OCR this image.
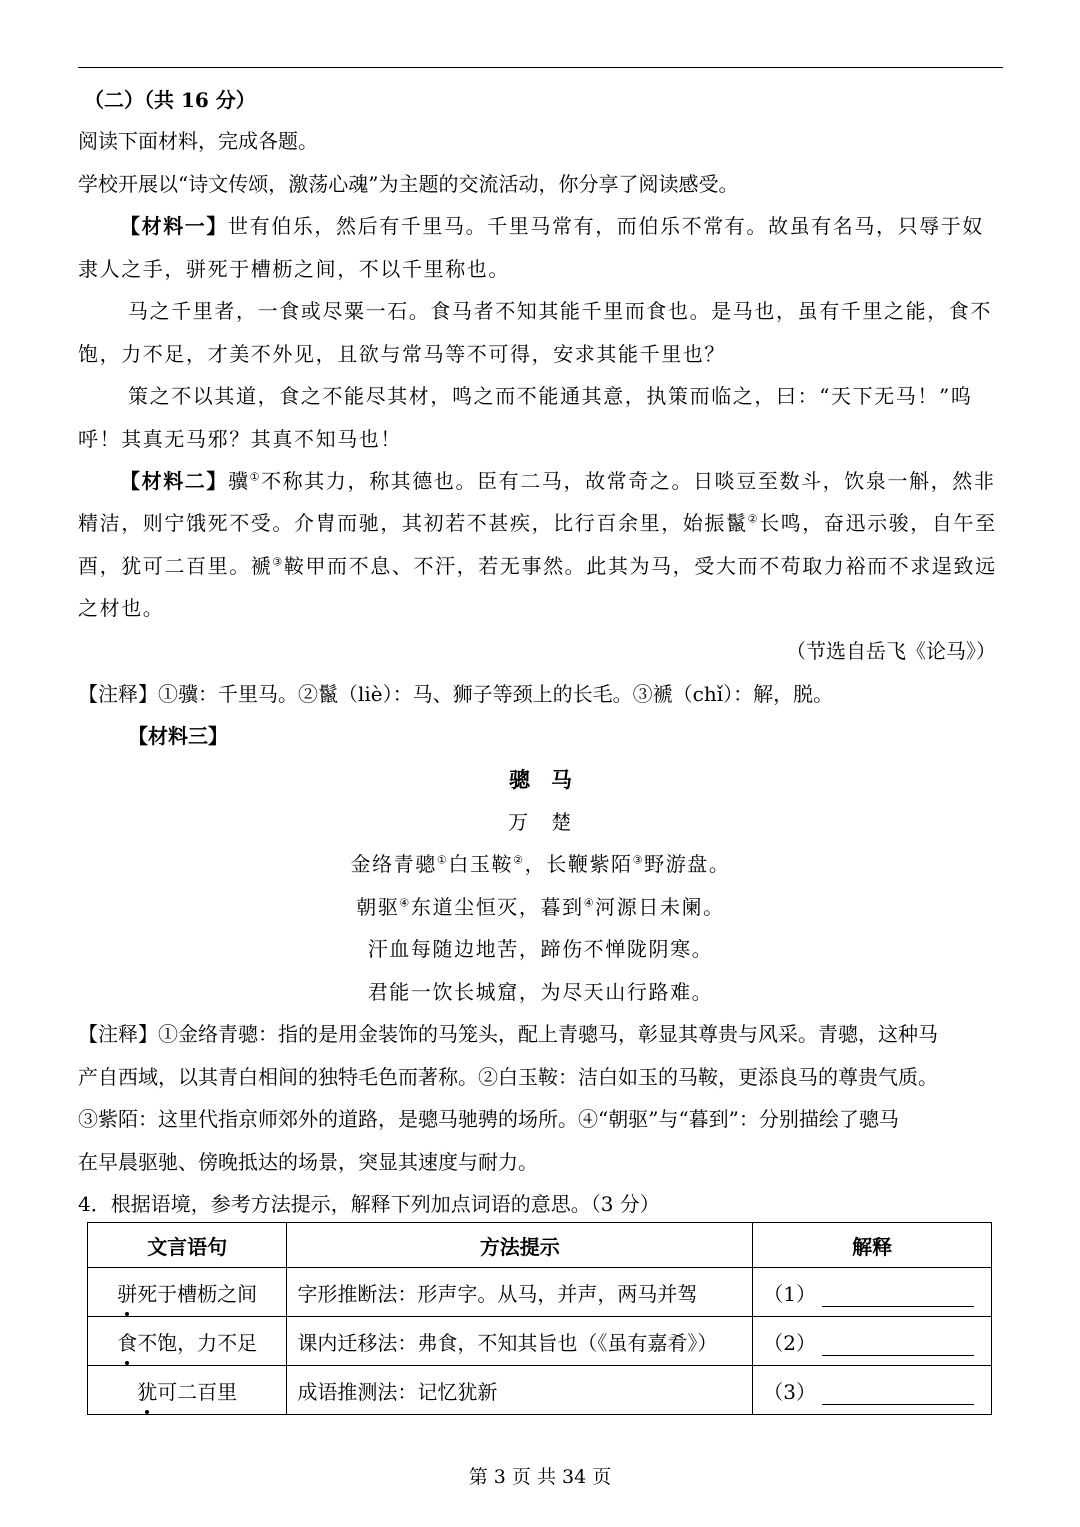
（二）（共 16 分）
阅读下面材料，完成各题。
学校开展以“诗文传颂，激荡心魂”为主题的交流活动，你分享了阅读感受。
【材料一】世有伯乐，然后有千里马。千里马常有，而伯乐不常有。故虽有名马，只辱于奴
隶人之手，骈死于槽枥之间，不以千里称也。
马之千里者，一食或尽粟一石。食马者不知其能千里而食也。是马也，虽有千里之能，食不
饱，力不足，才美不外见，且欲与常马等不可得，安求其能千里也？
策之不以其道，食之不能尽其材，鸣之而不能通其意，执策而临之，曰：“天下无马！”呜
呼！其真无马邪？其真不知马也！
【材料二】骥①不称其力，称其德也。臣有二马，故常奇之。日啖豆至数斗，饮泉一斛，然非
精洁，则宁饿死不受。介胄而驰，其初若不甚疾，比行百余里，始振鬣②长鸣，奋迅示骏，自午至
酉，犹可二百里。褫③鞍甲而不息、不汗，若无事然。此其为马，受大而不苟取力裕而不求逞致远
之材也。
（节选自岳飞《论马》）
【注释】①骥：千里马。②鬣（liè）：马、狮子等颈上的长毛。③褫（chǐ）：解，脱。
【材料三】
骢　马
万　楚
金络青骢①白玉鞍②，长鞭紫陌③野游盘。
朝驱④东道尘恒灭，暮到④河源日未阑。
汗血每随边地苦，蹄伤不惮陇阴寒。
君能一饮长城窟，为尽天山行路难。
【注释】①金络青骢：指的是用金装饰的马笼头，配上青骢马，彰显其尊贵与风采。青骢，这种马
产自西域，以其青白相间的独特毛色而著称。②白玉鞍：洁白如玉的马鞍，更添良马的尊贵气质。
③紫陌：这里代指京师郊外的道路，是骢马驰骋的场所。④“朝驱”与“暮到”：分别描绘了骢马
在早晨驱驰、傍晚抵达的场景，突显其速度与耐力。
4．根据语境，参考方法提示，解释下列加点词语的意思。（3 分）
文言语句	方法提示	解释
骈死于槽枥之间	字形推断法：形声字。从马，并声，两马并驾	（1）
食不饱，力不足	课内迁移法：弗食，不知其旨也（《虽有嘉肴》）	（2）
犹可二百里	成语推测法：记忆犹新	（3）
第 3 页 共 34 页
